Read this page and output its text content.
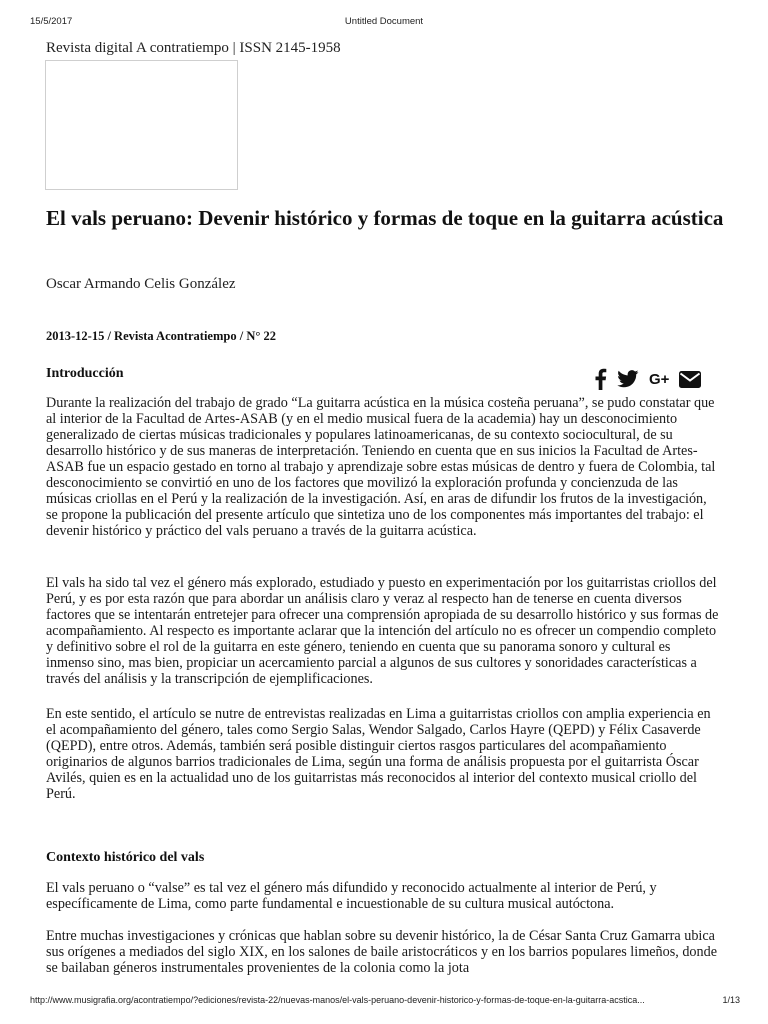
15/5/2017	Untitled Document
Revista digital A contratiempo | ISSN 2145-1958
El vals peruano: Devenir histórico y formas de toque en la guitarra acústica
Oscar Armando Celis González
2013-12-15 / Revista Acontratiempo / N° 22
Introducción	G+

Durante la realización del trabajo de grado “La guitarra acústica en la música costeña peruana”, se pudo constatar que al interior de la Facultad de Artes-ASAB (y en el medio musical fuera de la academia) hay un desconocimiento generalizado de ciertas músicas tradicionales y populares latinoamericanas, de su contexto sociocultural, de su desarrollo histórico y de sus maneras de interpretación. Teniendo en cuenta que en sus inicios la Facultad de Artes-ASAB fue un espacio gestado en torno al trabajo y aprendizaje sobre estas músicas de dentro y fuera de Colombia, tal desconocimiento se convirtió en uno de los factores que movilizó la exploración profunda y concienzuda de las músicas criollas en el Perú y la realización de la investigación. Así, en aras de difundir los frutos de la investigación, se propone la publicación del presente artículo que sintetiza uno de los componentes más importantes del trabajo: el devenir histórico y práctico del vals peruano a través de la guitarra acústica.

El vals ha sido tal vez el género más explorado, estudiado y puesto en experimentación por los guitarristas criollos del Perú, y es por esta razón que para abordar un análisis claro y veraz al respecto han de tenerse en cuenta diversos factores que se intentarán entretejer para ofrecer una comprensión apropiada de su desarrollo histórico y sus formas de acompañamiento. Al respecto es importante aclarar que la intención del artículo no es ofrecer un compendio completo y definitivo sobre el rol de la guitarra en este género, teniendo en cuenta que su panorama sonoro y cultural es inmenso sino, mas bien, propiciar un acercamiento parcial a algunos de sus cultores y sonoridades características a través del análisis y la transcripción de ejemplificaciones.

En este sentido, el artículo se nutre de entrevistas realizadas en Lima a guitarristas criollos con amplia experiencia en el acompañamiento del género, tales como Sergio Salas, Wendor Salgado, Carlos Hayre (QEPD) y Félix Casaverde (QEPD), entre otros. Además, también será posible distinguir ciertos rasgos particulares del acompañamiento originarios de algunos barrios tradicionales de Lima, según una forma de análisis propuesta por el guitarrista Óscar Avilés, quien es en la actualidad uno de los guitarristas más reconocidos al interior del contexto musical criollo del Perú.

Contexto histórico del vals

El vals peruano o “valse” es tal vez el género más difundido y reconocido actualmente al interior de Perú, y específicamente de Lima, como parte fundamental e incuestionable de su cultura musical autóctona.

Entre muchas investigaciones y crónicas que hablan sobre su devenir histórico, la de César Santa Cruz Gamarra ubica sus orígenes a mediados del siglo XIX, en los salones de baile aristocráticos y en los barrios populares limeños, donde se bailaban géneros instrumentales provenientes de la colonia como la jota

http://www.musigrafia.org/acontratiempo/?ediciones/revista-22/nuevas-manos/el-vals-peruano-devenir-historico-y-formas-de-toque-en-la-guitarra-acstica...	1/13
